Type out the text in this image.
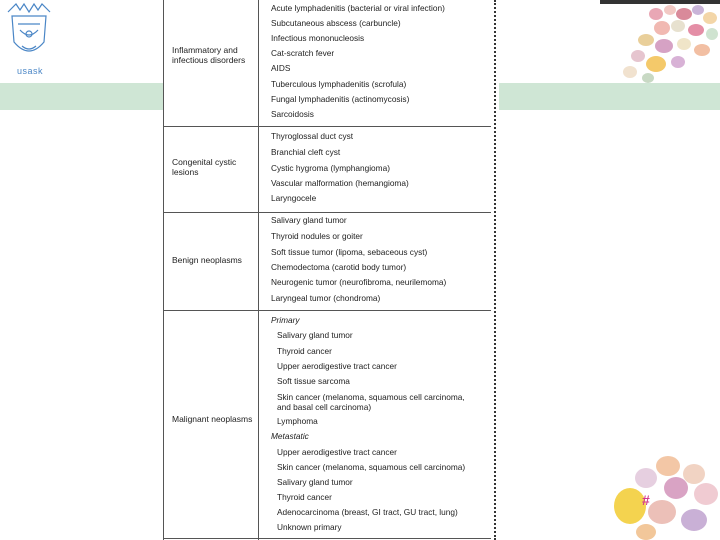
usask
#
Inflammatory and infectious disorders
Acute lymphadenitis (bacterial or viral infection)
Subcutaneous abscess (carbuncle)
Infectious mononucleosis
Cat-scratch fever
AIDS
Tuberculous lymphadenitis (scrofula)
Fungal lymphadenitis (actinomycosis)
Sarcoidosis
Congenital cystic lesions
Thyroglossal duct cyst
Branchial cleft cyst
Cystic hygroma (lymphangioma)
Vascular malformation (hemangioma)
Laryngocele
Benign neoplasms
Salivary gland tumor
Thyroid nodules or goiter
Soft tissue tumor (lipoma, sebaceous cyst)
Chemodectoma (carotid body tumor)
Neurogenic tumor (neurofibroma, neurilemoma)
Laryngeal tumor (chondroma)
Malignant neoplasms
Primary
Salivary gland tumor
Thyroid cancer
Upper aerodigestive tract cancer
Soft tissue sarcoma
Skin cancer (melanoma, squamous cell carcinoma, and basal cell carcinoma)
Lymphoma
Metastatic
Upper aerodigestive tract cancer
Skin cancer (melanoma, squamous cell carcinoma)
Salivary gland tumor
Thyroid cancer
Adenocarcinoma (breast, GI tract, GU tract, lung)
Unknown primary
